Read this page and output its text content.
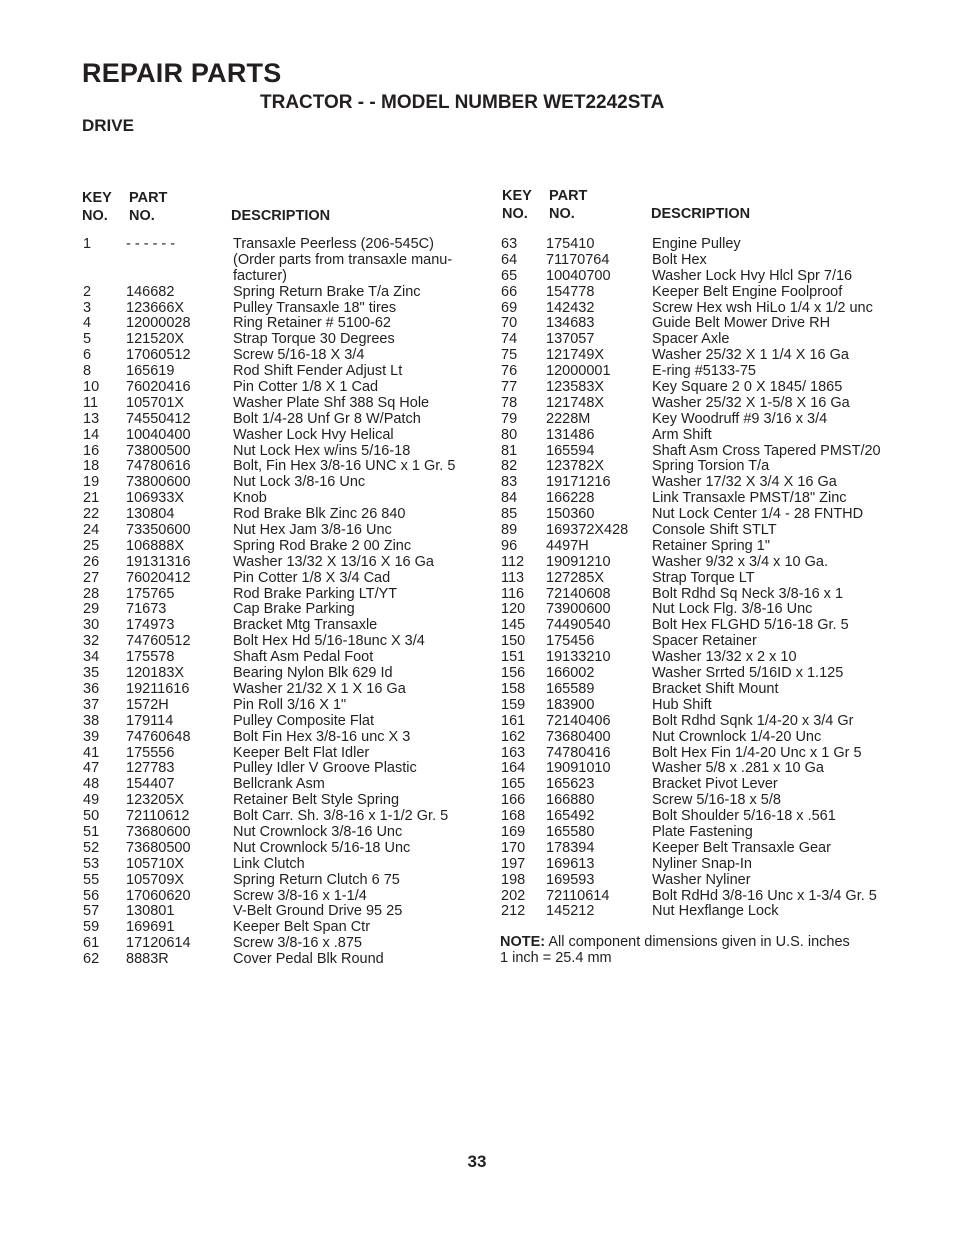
REPAIR PARTS
TRACTOR - - MODEL NUMBER WET2242STA
DRIVE
KEY
NO.
PART
NO.	DESCRIPTION
KEY
NO.
PART
NO.	DESCRIPTION
1	- - - - - -	Transaxle Peerless (206-545C)
(Order parts from transaxle manu-
facturer)
2	146682	Spring Return Brake T/a Zinc
3	123666X	Pulley Transaxle 18" tires
4	12000028	Ring Retainer # 5100-62
5	121520X	Strap Torque 30 Degrees
6	17060512	Screw 5/16-18 X 3/4
8	165619	Rod Shift Fender Adjust Lt
10	76020416	Pin Cotter 1/8 X 1 Cad
11	105701X	Washer Plate Shf 388 Sq Hole
13	74550412	Bolt 1/4-28 Unf Gr 8 W/Patch
14	10040400	Washer Lock Hvy Helical
16	73800500	Nut Lock Hex w/ins 5/16-18
18	74780616	Bolt, Fin Hex 3/8-16 UNC x 1 Gr. 5
19	73800600	Nut Lock 3/8-16 Unc
21	106933X	Knob
22	130804	Rod Brake Blk Zinc 26 840
24	73350600	Nut Hex Jam 3/8-16 Unc
25	106888X	Spring Rod Brake 2 00 Zinc
26	19131316	Washer 13/32 X 13/16 X 16 Ga
27	76020412	Pin Cotter 1/8 X 3/4 Cad
28	175765	Rod Brake Parking LT/YT
29	71673	Cap Brake Parking
30	174973	Bracket Mtg Transaxle
32	74760512	Bolt Hex Hd 5/16-18unc X 3/4
34	175578	Shaft Asm Pedal Foot
35	120183X	Bearing Nylon Blk 629 Id
36	19211616	Washer 21/32 X 1 X 16 Ga
37	1572H	Pin Roll 3/16 X 1"
38	179114	Pulley Composite Flat
39	74760648	Bolt Fin Hex 3/8-16 unc X 3
41	175556	Keeper Belt Flat Idler
47	127783	Pulley Idler V Groove Plastic
48	154407	Bellcrank Asm
49	123205X	Retainer Belt Style Spring
50	72110612	Bolt Carr. Sh. 3/8-16 x 1-1/2 Gr. 5
51	73680600	Nut Crownlock 3/8-16 Unc
52	73680500	Nut Crownlock 5/16-18 Unc
53	105710X	Link Clutch
55	105709X	Spring Return Clutch 6 75
56	17060620	Screw 3/8-16 x 1-1/4
57	130801	V-Belt Ground Drive 95 25
59	169691	Keeper Belt Span Ctr
61	17120614	Screw 3/8-16 x .875
62	8883R	Cover Pedal Blk Round
63	175410	Engine Pulley
64	71170764	Bolt Hex
65	10040700	Washer Lock Hvy Hlcl Spr 7/16
66	154778	Keeper Belt Engine Foolproof
69	142432	Screw Hex wsh HiLo 1/4 x 1/2 unc
70	134683	Guide Belt Mower Drive RH
74	137057	Spacer Axle
75	121749X	Washer 25/32 X 1 1/4 X 16 Ga
76	12000001	E-ring #5133-75
77	123583X	Key Square 2 0 X 1845/ 1865
78	121748X	Washer 25/32 X 1-5/8 X 16 Ga
79	2228M	Key Woodruff #9 3/16 x 3/4
80	131486	Arm Shift
81	165594	Shaft Asm Cross Tapered PMST/20
82	123782X	Spring Torsion T/a
83	19171216	Washer 17/32 X 3/4 X 16 Ga
84	166228	Link Transaxle PMST/18" Zinc
85	150360	Nut Lock Center 1/4 - 28 FNTHD
89	169372X428	Console Shift STLT
96	4497H	Retainer Spring 1"
112	19091210	Washer 9/32 x 3/4 x 10 Ga.
113	127285X	Strap Torque LT
116	72140608	Bolt Rdhd Sq Neck 3/8-16 x 1
120	73900600	Nut Lock Flg. 3/8-16 Unc
145	74490540	Bolt Hex FLGHD 5/16-18 Gr. 5
150	175456	Spacer Retainer
151	19133210	Washer 13/32 x 2 x 10
156	166002	Washer Srrted 5/16ID x 1.125
158	165589	Bracket Shift Mount
159	183900	Hub Shift
161	72140406	Bolt Rdhd Sqnk 1/4-20 x 3/4 Gr
162	73680400	Nut Crownlock 1/4-20 Unc
163	74780416	Bolt Hex Fin 1/4-20 Unc x 1 Gr 5
164	19091010	Washer 5/8 x .281 x 10 Ga
165	165623	Bracket Pivot Lever
166	166880	Screw 5/16-18 x 5/8
168	165492	Bolt Shoulder 5/16-18 x .561
169	165580	Plate Fastening
170	178394	Keeper Belt Transaxle Gear
197	169613	Nyliner Snap-In
198	169593	Washer Nyliner
202	72110614	Bolt RdHd 3/8-16 Unc x 1-3/4 Gr. 5
212	145212	Nut Hexflange Lock
NOTE: All component dimensions given in U.S. inches
1 inch = 25.4 mm
33
